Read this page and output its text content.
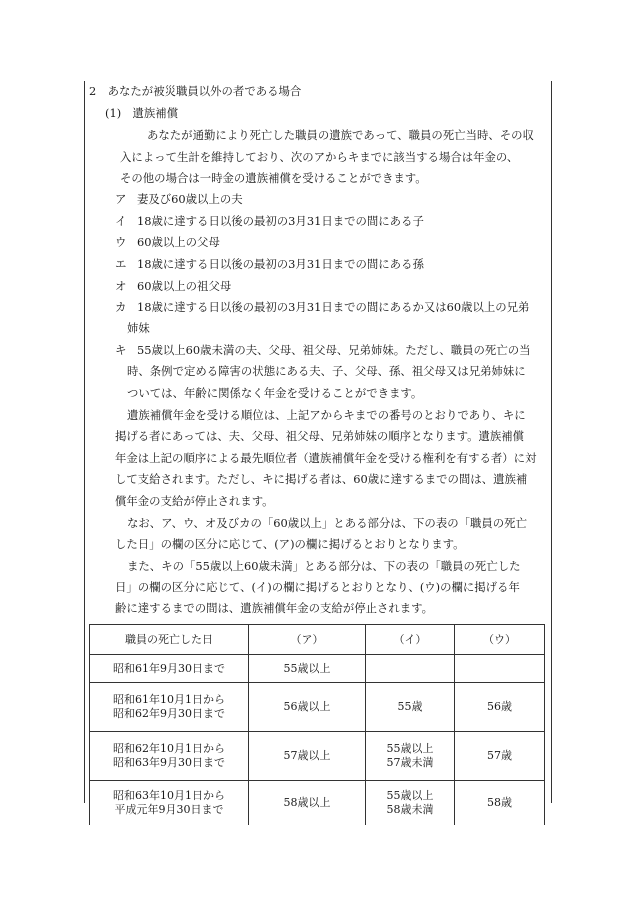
2　あなたが被災職員以外の者である場合
(1)　遺族補償
あなたが通勤により死亡した職員の遺族であって、職員の死亡当時、その収
入によって生計を維持しており、次のアからキまでに該当する場合は年金の、
その他の場合は一時金の遺族補償を受けることができます。
ア 妻及び60歳以上の夫
イ 18歳に達する日以後の最初の3月31日までの間にある子
ウ 60歳以上の父母
エ 18歳に達する日以後の最初の3月31日までの間にある孫
オ 60歳以上の祖父母
カ 18歳に達する日以後の最初の3月31日までの間にあるか又は60歳以上の兄弟
姉妹
キ 55歳以上60歳未満の夫、父母、祖父母、兄弟姉妹。ただし、職員の死亡の当
時、条例で定める障害の状態にある夫、子、父母、孫、祖父母又は兄弟姉妹に
ついては、年齢に関係なく年金を受けることができます。
遺族補償年金を受ける順位は、上記アからキまでの番号のとおりであり、キに
掲げる者にあっては、夫、父母、祖父母、兄弟姉妹の順序となります。遺族補償
年金は上記の順序による最先順位者（遺族補償年金を受ける権利を有する者）に対
して支給されます。ただし、キに掲げる者は、60歳に達するまでの間は、遺族補
償年金の支給が停止されます。
なお、ア、ウ、オ及びカの「60歳以上」とある部分は、下の表の「職員の死亡
した日」の欄の区分に応じて、(ア)の欄に掲げるとおりとなります。
また、キの「55歳以上60歳未満」とある部分は、下の表の「職員の死亡した
日」の欄の区分に応じて、(イ)の欄に掲げるとおりとなり、(ウ)の欄に掲げる年
齢に達するまでの間は、遺族補償年金の支給が停止されます。
職員の死亡した日	（ア）	（イ）	（ウ）

昭和61年9月30日まで	55歳以上		

昭和61年10月1日から
昭和62年9月30日まで	56歳以上	55歳	56歳

昭和62年10月1日から
昭和63年9月30日まで	57歳以上	55歳以上
57歳未満	57歳

昭和63年10月1日から
平成元年9月30日まで	58歳以上	55歳以上
58歳未満	58歳
